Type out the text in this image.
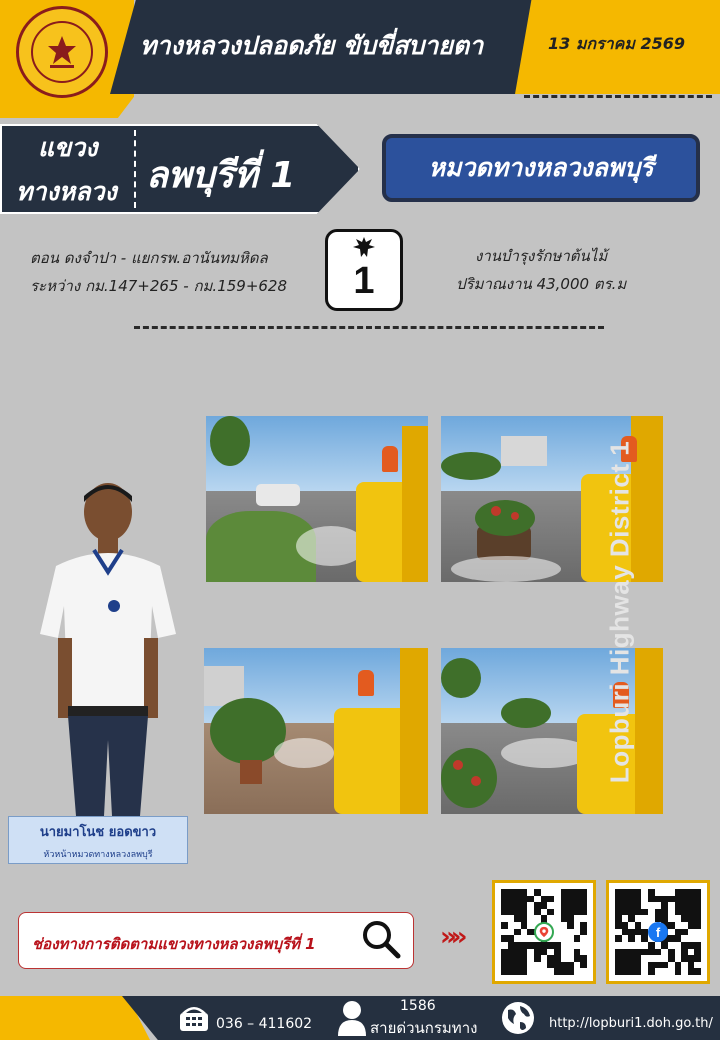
ทางหลวงปลอดภัย ขับขี่สบายตา	13 มกราคม 2569
แขวง
ทางหลวง ลพบุรีที่ 1	หมวดทางหลวงลพบุรี
ตอน ดงจำปา - แยกรพ.อานันทมหิดล
ระหว่าง กม.147+265 - กม.159+628 1
งานบำรุงรักษาต้นไม้
ปริมาณงาน 43,000 ตร.ม
นายมาโนช ยอดขาว
หัวหน้าหมวดทางหลวงลพบุรี
Lopburi Highway District 1
ช่องทางการติดตามแขวงทางหลวงลพบุรีที่ 1	»»	f
036 – 411602
1586
สายด่วนกรมทาง	http://lopburi1.doh.go.th/
